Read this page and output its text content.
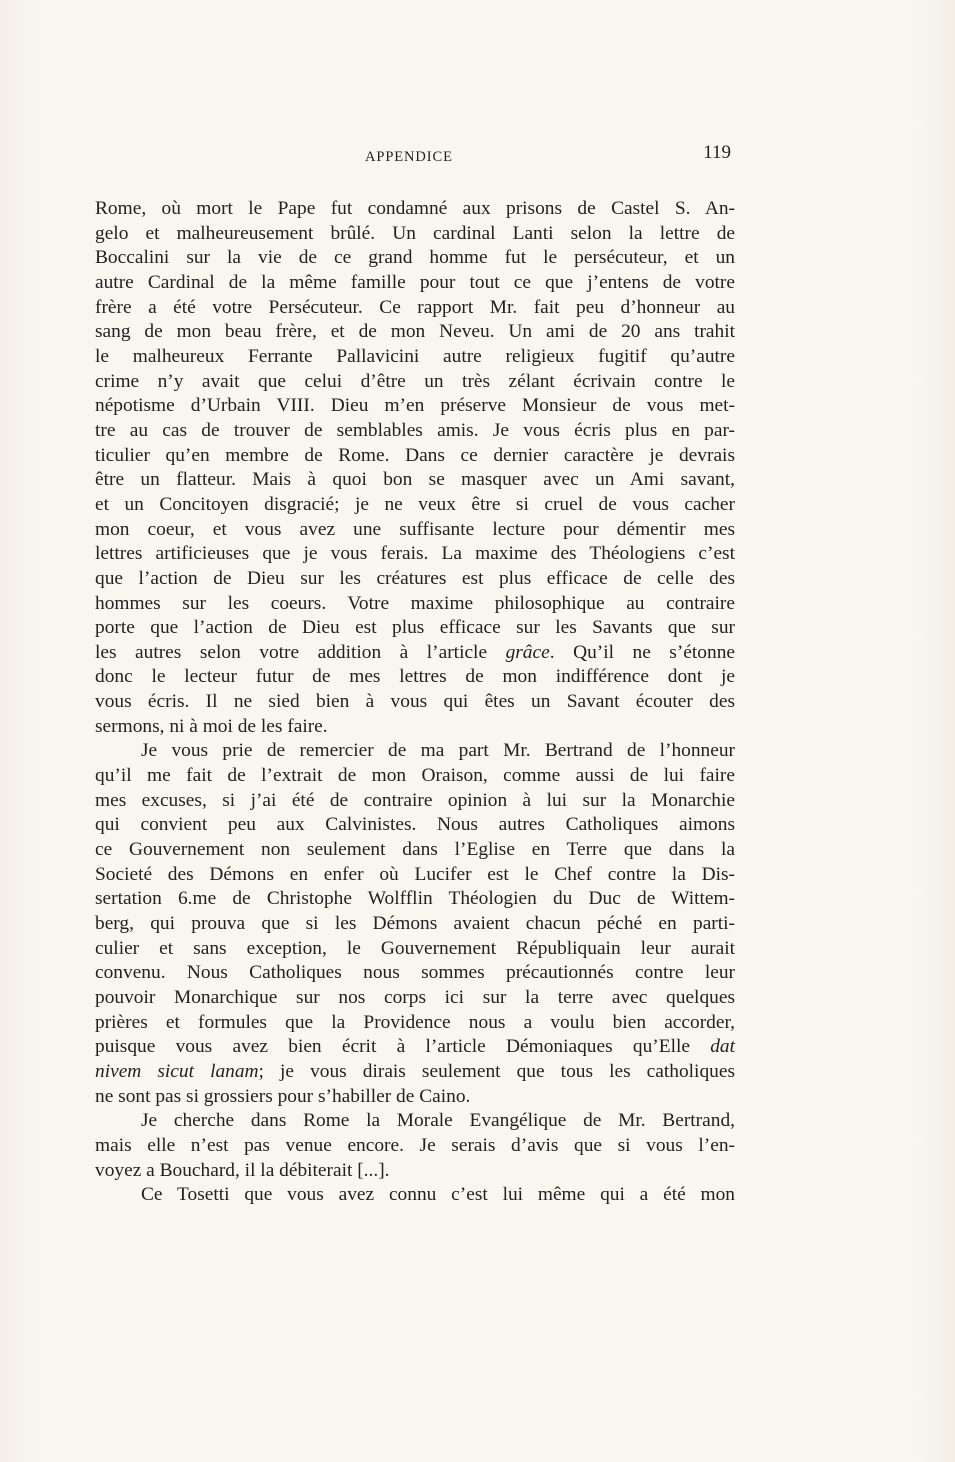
APPENDICE	119
Rome, où mort le Pape fut condamné aux prisons de Castel S. An-
gelo et malheureusement brûlé. Un cardinal Lanti selon la lettre de
Boccalini sur la vie de ce grand homme fut le persécuteur, et un
autre Cardinal de la même famille pour tout ce que j’entens de votre
frère a été votre Persécuteur. Ce rapport Mr. fait peu d’honneur au
sang de mon beau frère, et de mon Neveu. Un ami de 20 ans trahit
le malheureux Ferrante Pallavicini autre religieux fugitif qu’autre
crime n’y avait que celui d’être un très zélant écrivain contre le
népotisme d’Urbain VIII. Dieu m’en préserve Monsieur de vous met-
tre au cas de trouver de semblables amis. Je vous écris plus en par-
ticulier qu’en membre de Rome. Dans ce dernier caractère je devrais
être un flatteur. Mais à quoi bon se masquer avec un Ami savant,
et un Concitoyen disgracié; je ne veux être si cruel de vous cacher
mon coeur, et vous avez une suffisante lecture pour démentir mes
lettres artificieuses que je vous ferais. La maxime des Théologiens c’est
que l’action de Dieu sur les créatures est plus efficace de celle des
hommes sur les coeurs. Votre maxime philosophique au contraire
porte que l’action de Dieu est plus efficace sur les Savants que sur
les autres selon votre addition à l’article grâce. Qu’il ne s’étonne
donc le lecteur futur de mes lettres de mon indifférence dont je
vous écris. Il ne sied bien à vous qui êtes un Savant écouter des
sermons, ni à moi de les faire.
Je vous prie de remercier de ma part Mr. Bertrand de l’honneur
qu’il me fait de l’extrait de mon Oraison, comme aussi de lui faire
mes excuses, si j’ai été de contraire opinion à lui sur la Monarchie
qui convient peu aux Calvinistes. Nous autres Catholiques aimons
ce Gouvernement non seulement dans l’Eglise en Terre que dans la
Societé des Démons en enfer où Lucifer est le Chef contre la Dis-
sertation 6.me de Christophe Wolfflin Théologien du Duc de Wittem-
berg, qui prouva que si les Démons avaient chacun péché en parti-
culier et sans exception, le Gouvernement Républiquain leur aurait
convenu. Nous Catholiques nous sommes précautionnés contre leur
pouvoir Monarchique sur nos corps ici sur la terre avec quelques
prières et formules que la Providence nous a voulu bien accorder,
puisque vous avez bien écrit à l’article Démoniaques qu’Elle dat
nivem sicut lanam; je vous dirais seulement que tous les catholiques
ne sont pas si grossiers pour s’habiller de Caino.
Je cherche dans Rome la Morale Evangélique de Mr. Bertrand,
mais elle n’est pas venue encore. Je serais d’avis que si vous l’en-
voyez a Bouchard, il la débiterait [...].
Ce Tosetti que vous avez connu c’est lui même qui a été mon
